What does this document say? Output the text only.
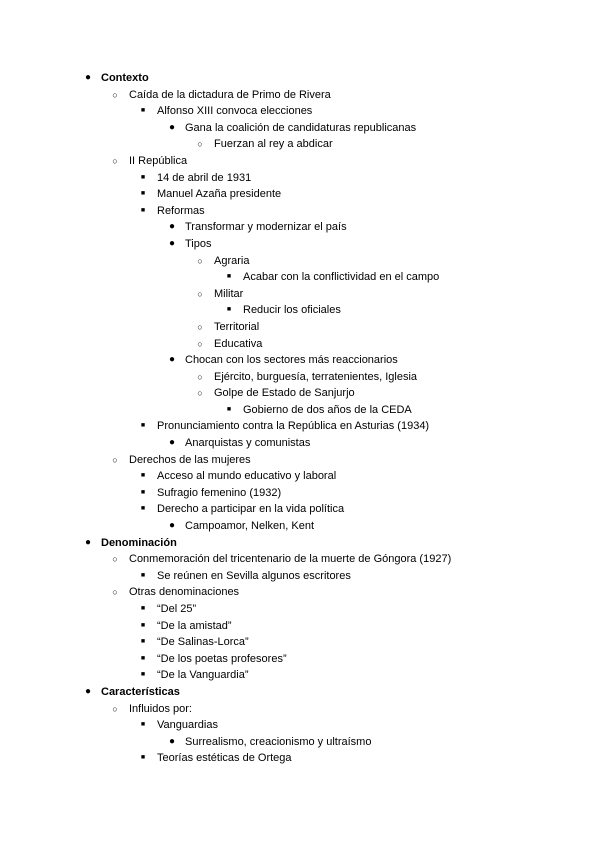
● Contexto
○ Caída de la dictadura de Primo de Rivera
■	Alfonso XIII convoca elecciones
● Gana la coalición de candidaturas republicanas
○ Fuerzan al rey a abdicar
○ II República
■	14 de abril de 1931
■	Manuel Azaña presidente
■	Reformas
● Transformar y modernizar el país
● Tipos
○ Agraria
■	Acabar con la conflictividad en el campo
○ Militar
■	Reducir los oficiales
○ Territorial
○ Educativa
● Chocan con los sectores más reaccionarios
○ Ejército, burguesía, terratenientes, Iglesia
○ Golpe de Estado de Sanjurjo
■	Gobierno de dos años de la CEDA
■	Pronunciamiento contra la República en Asturias (1934)
● Anarquistas y comunistas
○ Derechos de las mujeres
■	Acceso al mundo educativo y laboral
■	Sufragio femenino (1932)
■	Derecho a participar en la vida política
● Campoamor, Nelken, Kent
● Denominación
○ Conmemoración del tricentenario de la muerte de Góngora (1927)
■	Se reúnen en Sevilla algunos escritores
○ Otras denominaciones
■	“Del 25”
■	“De la amistad”
■	“De Salinas-Lorca”
■	“De los poetas profesores”
■	“De la Vanguardia”
● Características
○ Influidos por:
■	Vanguardias
● Surrealismo, creacionismo y ultraísmo
■	Teorías estéticas de Ortega
